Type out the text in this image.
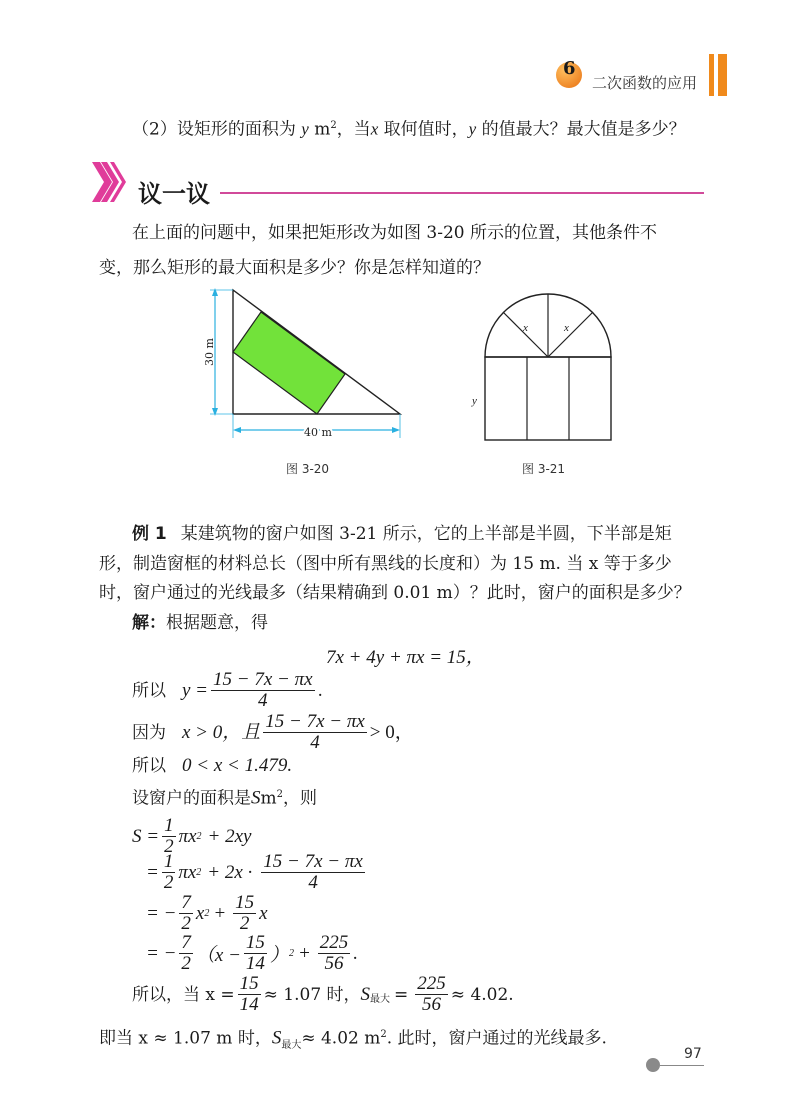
6
二次函数的应用
（2）设矩形的面积为 y $m^2$，当x 取何值时，y 的值最大？最大值是多少？
议一议
在上面的问题中，如果把矩形改为如图 3-20 所示的位置，其他条件不
变，那么矩形的最大面积是多少？你是怎样知道的？
30 m
40 m
图 3-20
x	x
y
图 3-21
例 1 某建筑物的窗户如图 3-21 所示，它的上半部是半圆，下半部是矩
形，制造窗框的材料总长（图中所有黑线的长度和）为 15 m. 当 x 等于多少
时，窗户通过的光线最多（结果精确到 0.01 m）？此时，窗户的面积是多少？
解：根据题意，得
7x + 4y + πx = 15，
所以 $y = \frac{15 - 7x - \pi x}{4}$ .
因为 x > 0，且 $\frac{15 - 7x - \pi x}{4} > 0$，
所以 0 < x < 1.479.
设窗户的面积是Sm$^2$，则
$S = \frac{1}{2}$ πx 2 + 2xy
= $\frac{1}{2}$ πx $2 + 2x \cdot \frac{15 - 7x - \pi x}{4}$
= − $\frac{7}{2}$ x $2 + \frac{15}{2}$ x
= − $\frac{7}{2} (x - \frac{15}{14}$ ） $2 + \frac{225}{56}$ .
所以，当 $x = \frac{15}{14} \approx 1.07$ 时， $S_{最大} = \frac{225}{56} \approx 4.02$.
即当 x ≈ 1.07 m 时，$S_{最大}\approx 4.02$ $m^2$. 此时，窗户通过的光线最多.
97
